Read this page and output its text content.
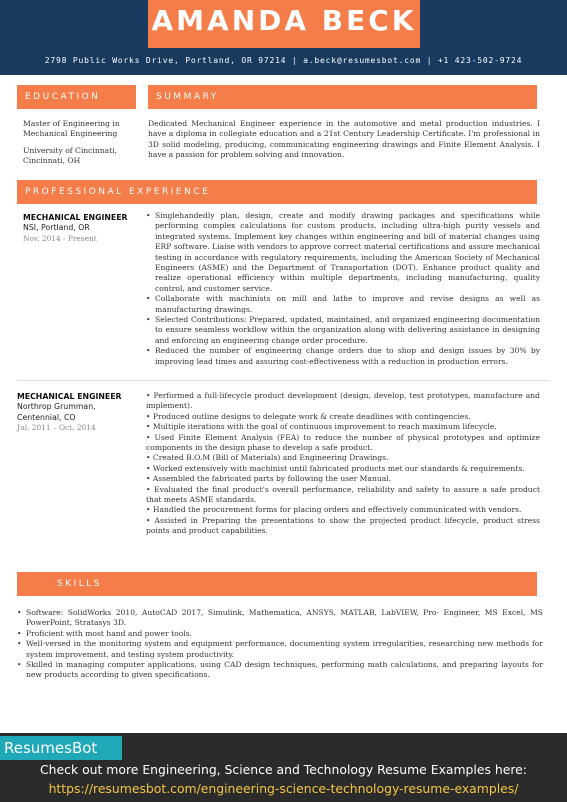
AMANDA BECK
2798 Public Works Drive, Portland, OR 97214 | a.beck@resumesbot.com | +1 423-502-9724
EDUCATION	SUMMARY

Master of Engineering in Mechanical Engineering

University of Cincinnati, Cincinnati, OH

Dedicated Mechanical Engineer experience in the automotive and metal production industries. I have a diploma in collegiate education and a 21st Century Leadership Certificate. I'm professional in 3D solid modeling, producing, communicating engineering drawings and Finite Element Analysis. I have a passion for problem solving and innovation.
PROFESSIONAL EXPERIENCE
MECHANICAL ENGINEER
NSI, Portland, OR
Nov. 2014 - Present
• Singlehandedly plan, design, create and modify drawing packages and specifications while performing complex calculations for custom products, including ultra-high purity vessels and integrated systems. Implement key changes within engineering and bill of material changes using ERP software. Liaise with vendors to approve correct material certifications and assure mechanical testing in accordance with regulatory requirements, including the American Society of Mechanical Engineers (ASME) and the Department of Transportation (DOT). Enhance product quality and realize operational efficiency within multiple departments, including manufacturing, quality control, and customer service.
• Collaborate with machinists on mill and lathe to improve and revise designs as well as manufacturing drawings.
• Selected Contributions: Prepared, updated, maintained, and organized engineering documentation to ensure seamless workflow within the organization along with delivering assistance in designing and enforcing an engineering change order procedure.
• Reduced the number of engineering change orders due to shop and design issues by 30% by improving lead times and assuring cost-effectiveness with a reduction in production errors.
MECHANICAL ENGINEER
Northrop Grumman, Centennial, CO
Jul. 2011 – Oct. 2014
• Performed a full-lifecycle product development (design, develop, test prototypes, manufacture and implement).
• Produced outline designs to delegate work & create deadlines with contingencies.
• Multiple iterations with the goal of continuous improvement to reach maximum lifecycle.
• Used Finite Element Analysis (FEA) to reduce the number of physical prototypes and optimize components in the design phase to develop a safe product.
• Created B.O.M (Bill of Materials) and Engineering Drawings.
• Worked extensively with machinist until fabricated products met our standards & requirements.
• Assembled the fabricated parts by following the user Manual.
• Evaluated the final product's overall performance, reliability and safety to assure a safe product that meets ASME standards.
• Handled the procurement forms for placing orders and effectively communicated with vendors.
• Assisted in Preparing the presentations to show the projected product lifecycle, product stress points and product capabilities.
SKILLS
• Software: SolidWorks 2010, AutoCAD 2017, Simulink, Mathematica, ANSYS, MATLAB, LabVIEW, Pro- Engineer, MS Excel, MS PowerPoint, Stratasys 3D.
• Proficient with most hand and power tools.
• Well-versed in the monitoring system and equipment performance, documenting system irregularities, researching new methods for system improvement, and testing system productivity.
• Skilled in managing computer applications, using CAD design techniques, performing math calculations, and preparing layouts for new products according to given specifications.
ResumesBot
Check out more Engineering, Science and Technology Resume Examples here:
https://resumesbot.com/engineering-science-technology-resume-examples/
